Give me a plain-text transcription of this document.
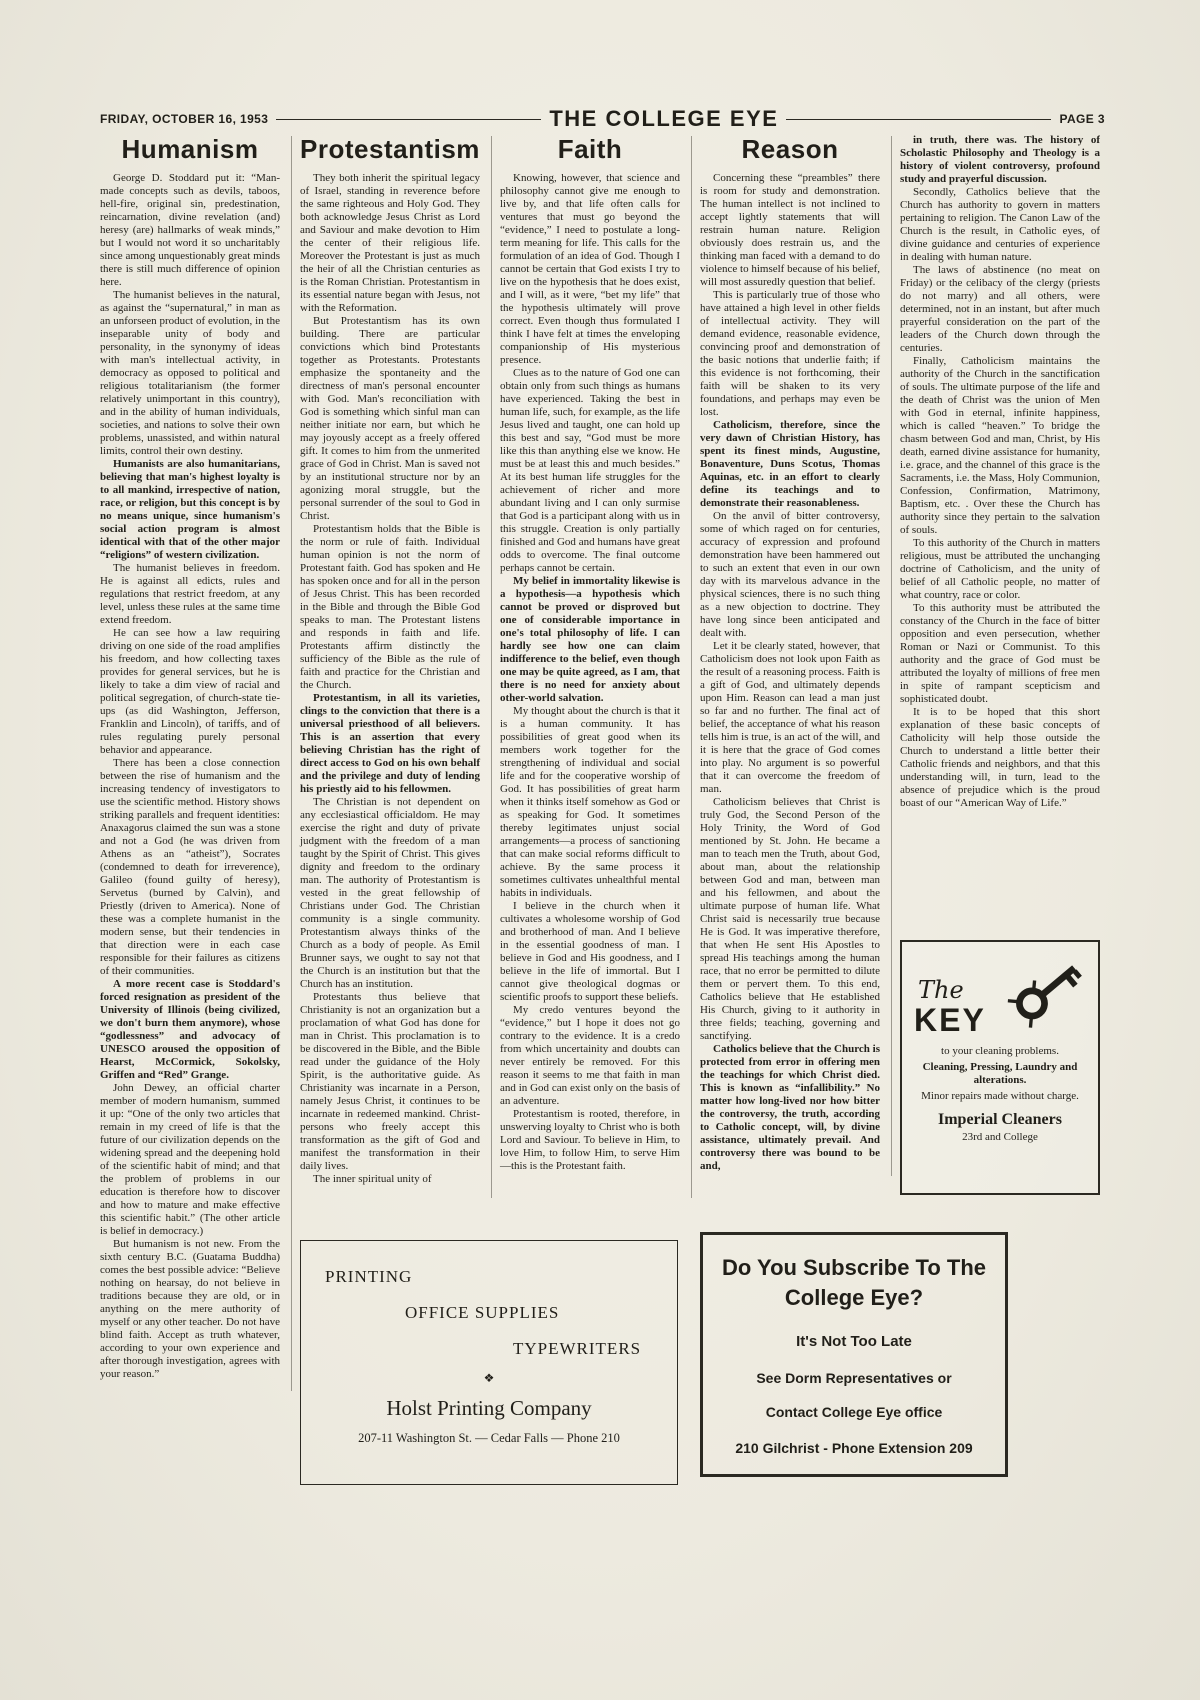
FRIDAY, OCTOBER 16, 1953	THE COLLEGE EYE	PAGE 3
Humanism

George D. Stoddard put it: “Man-made concepts such as devils, taboos, hell-fire, original sin, predestination, reincarnation, divine revelation (and) heresy (are) hallmarks of weak minds,” but I would not word it so uncharitably since among unquestionably great minds there is still much difference of opinion here.

The humanist believes in the natural, as against the “supernatural,” in man as an unforseen product of evolution, in the inseparable unity of body and personality, in the synonymy of ideas with man's intellectual activity, in democracy as opposed to political and religious totalitarianism (the former relatively unimportant in this country), and in the ability of human individuals, societies, and nations to solve their own problems, unassisted, and within natural limits, control their own destiny.

Humanists are also humanitarians, believing that man's highest loyalty is to all mankind, irrespective of nation, race, or religion, but this concept is by no means unique, since humanism's social action program is almost identical with that of the other major “religions” of western civilization.

The humanist believes in freedom. He is against all edicts, rules and regulations that restrict freedom, at any level, unless these rules at the same time extend freedom.

He can see how a law requiring driving on one side of the road amplifies his freedom, and how collecting taxes provides for general services, but he is likely to take a dim view of racial and political segregation, of church-state tie-ups (as did Washington, Jefferson, Franklin and Lincoln), of tariffs, and of rules regulating purely personal behavior and appearance.

There has been a close connection between the rise of humanism and the increasing tendency of investigators to use the scientific method. History shows striking parallels and frequent identities: Anaxagorus claimed the sun was a stone and not a God (he was driven from Athens as an “atheist”), Socrates (condemned to death for irreverence), Galileo (found guilty of heresy), Servetus (burned by Calvin), and Priestly (driven to America). None of these was a complete humanist in the modern sense, but their tendencies in that direction were in each case responsible for their failures as citizens of their communities.

A more recent case is Stoddard's forced resignation as president of the University of Illinois (being civilized, we don't burn them anymore), whose “godlessness” and advocacy of UNESCO aroused the opposition of Hearst, McCormick, Sokolsky, Griffen and “Red” Grange.

John Dewey, an official charter member of modern humanism, summed it up: “One of the only two articles that remain in my creed of life is that the future of our civilization depends on the widening spread and the deepening hold of the scientific habit of mind; and that the problem of problems in our education is therefore how to discover and how to mature and make effective this scientific habit.” (The other article is belief in democracy.)

But humanism is not new. From the sixth century B.C. (Guatama Buddha) comes the best possible advice: “Believe nothing on hearsay, do not believe in traditions because they are old, or in anything on the mere authority of myself or any other teacher. Do not have blind faith. Accept as truth whatever, according to your own experience and after thorough investigation, agrees with your reason.”

Protestantism

They both inherit the spiritual legacy of Israel, standing in reverence before the same righteous and Holy God. They both acknowledge Jesus Christ as Lord and Saviour and make devotion to Him the center of their religious life. Moreover the Protestant is just as much the heir of all the Christian centuries as is the Roman Christian. Protestantism in its essential nature began with Jesus, not with the Reformation.

But Protestantism has its own building. There are particular convictions which bind Protestants together as Protestants. Protestants emphasize the spontaneity and the directness of man's personal encounter with God. Man's reconciliation with God is something which sinful man can neither initiate nor earn, but which he may joyously accept as a freely offered gift. It comes to him from the unmerited grace of God in Christ. Man is saved not by an institutional structure nor by an agonizing moral struggle, but the personal surrender of the soul to God in Christ.

Protestantism holds that the Bible is the norm or rule of faith. Individual human opinion is not the norm of Protestant faith. God has spoken and He has spoken once and for all in the person of Jesus Christ. This has been recorded in the Bible and through the Bible God speaks to man. The Protestant listens and responds in faith and life. Protestants affirm distinctly the sufficiency of the Bible as the rule of faith and practice for the Christian and the Church.

Protestantism, in all its varieties, clings to the conviction that there is a universal priesthood of all believers. This is an assertion that every believing Christian has the right of direct access to God on his own behalf and the privilege and duty of lending his priestly aid to his fellowmen.

The Christian is not dependent on any ecclesiastical officialdom. He may exercise the right and duty of private judgment with the freedom of a man taught by the Spirit of Christ. This gives dignity and freedom to the ordinary man. The authority of Protestantism is vested in the great fellowship of Christians under God. The Christian community is a single community. Protestantism always thinks of the Church as a body of people. As Emil Brunner says, we ought to say not that the Church is an institution but that the Church has an institution.

Protestants thus believe that Christianity is not an organization but a proclamation of what God has done for man in Christ. This proclamation is to be discovered in the Bible, and the Bible read under the guidance of the Holy Spirit, is the authoritative guide. As Christianity was incarnate in a Person, namely Jesus Christ, it continues to be incarnate in redeemed mankind. Christ-persons who freely accept this transformation as the gift of God and manifest the transformation in their daily lives.

The inner spiritual unity of

Faith

Knowing, however, that science and philosophy cannot give me enough to live by, and that life often calls for ventures that must go beyond the “evidence,” I need to postulate a long-term meaning for life. This calls for the formulation of an idea of God. Though I cannot be certain that God exists I try to live on the hypothesis that he does exist, and I will, as it were, “bet my life” that the hypothesis ultimately will prove correct. Even though thus formulated I think I have felt at times the enveloping companionship of His mysterious presence.

Clues as to the nature of God one can obtain only from such things as humans have experienced. Taking the best in human life, such, for example, as the life Jesus lived and taught, one can hold up this best and say, “God must be more like this than anything else we know. He must be at least this and much besides.” At its best human life struggles for the achievement of richer and more abundant living and I can only surmise that God is a participant along with us in this struggle. Creation is only partially finished and God and humans have great odds to overcome. The final outcome perhaps cannot be certain.

My belief in immortality likewise is a hypothesis—a hypothesis which cannot be proved or disproved but one of considerable importance in one's total philosophy of life. I can hardly see how one can claim indifference to the belief, even though one may be quite agreed, as I am, that there is no need for anxiety about other-world salvation.

My thought about the church is that it is a human community. It has possibilities of great good when its members work together for the strengthening of individual and social life and for the cooperative worship of God. It has possibilities of great harm when it thinks itself somehow as God or as speaking for God. It sometimes thereby legitimates unjust social arrangements—a process of sanctioning that can make social reforms difficult to achieve. By the same process it sometimes cultivates unhealthful mental habits in individuals.

I believe in the church when it cultivates a wholesome worship of God and brotherhood of man. And I believe in the essential goodness of man. I believe in God and His goodness, and I believe in the life of immortal. But I cannot give theological dogmas or scientific proofs to support these beliefs.

My credo ventures beyond the “evidence,” but I hope it does not go contrary to the evidence. It is a credo from which uncertainity and doubts can never entirely be removed. For this reason it seems to me that faith in man and in God can exist only on the basis of an adventure.

Protestantism is rooted, therefore, in unswerving loyalty to Christ who is both Lord and Saviour. To believe in Him, to love Him, to follow Him, to serve Him—this is the Protestant faith.

Reason

Concerning these “preambles” there is room for study and demonstration. The human intellect is not inclined to accept lightly statements that will restrain human nature. Religion obviously does restrain us, and the thinking man faced with a demand to do violence to himself because of his belief, will most assuredly question that belief.

This is particularly true of those who have attained a high level in other fields of intellectual activity. They will demand evidence, reasonable evidence, convincing proof and demonstration of the basic notions that underlie faith; if this evidence is not forthcoming, their faith will be shaken to its very foundations, and perhaps may even be lost.

Catholicism, therefore, since the very dawn of Christian History, has spent its finest minds, Augustine, Bonaventure, Duns Scotus, Thomas Aquinas, etc. in an effort to clearly define its teachings and to demonstrate their reasonableness.

On the anvil of bitter controversy, some of which raged on for centuries, accuracy of expression and profound demonstration have been hammered out to such an extent that even in our own day with its marvelous advance in the physical sciences, there is no such thing as a new objection to doctrine. They have long since been anticipated and dealt with.

Let it be clearly stated, however, that Catholicism does not look upon Faith as the result of a reasoning process. Faith is a gift of God, and ultimately depends upon Him. Reason can lead a man just so far and no further. The final act of belief, the acceptance of what his reason tells him is true, is an act of the will, and it is here that the grace of God comes into play. No argument is so powerful that it can overcome the freedom of man.

Catholicism believes that Christ is truly God, the Second Person of the Holy Trinity, the Word of God mentioned by St. John. He became a man to teach men the Truth, about God, about man, about the relationship between God and man, between man and his fellowmen, and about the ultimate purpose of human life. What Christ said is necessarily true because He is God. It was imperative therefore, that when He sent His Apostles to spread His teachings among the human race, that no error be permitted to dilute them or pervert them. To this end, Catholics believe that He established His Church, giving to it authority in three fields; teaching, governing and sanctifying.

Catholics believe that the Church is protected from error in offering men the teachings for which Christ died. This is known as “infallibility.” No matter how long-lived nor how bitter the controversy, the truth, according to Catholic concept, will, by divine assistance, ultimately prevail. And controversy there was bound to be and,

in truth, there was. The history of Scholastic Philosophy and Theology is a history of violent controversy, profound study and prayerful discussion.

Secondly, Catholics believe that the Church has authority to govern in matters pertaining to religion. The Canon Law of the Church is the result, in Catholic eyes, of divine guidance and centuries of experience in dealing with human nature.

The laws of abstinence (no meat on Friday) or the celibacy of the clergy (priests do not marry) and all others, were determined, not in an instant, but after much prayerful consideration on the part of the leaders of the Church down through the centuries.

Finally, Catholicism maintains the authority of the Church in the sanctification of souls. The ultimate purpose of the life and the death of Christ was the union of Men with God in eternal, infinite happiness, which is called “heaven.” To bridge the chasm between God and man, Christ, by His death, earned divine assistance for humanity, i.e. grace, and the channel of this grace is the Sacraments, i.e. the Mass, Holy Communion, Confession, Confirmation, Matrimony, Baptism, etc. . Over these the Church has authority since they pertain to the salvation of souls.

To this authority of the Church in matters religious, must be attributed the unchanging doctrine of Catholicism, and the unity of belief of all Catholic people, no matter of what country, race or color.

To this authority must be attributed the constancy of the Church in the face of bitter opposition and even persecution, whether Roman or Nazi or Communist. To this authority and the grace of God must be attributed the loyalty of millions of free men in spite of rampant scepticism and sophisticated doubt.

It is to be hoped that this short explanation of these basic concepts of Catholicity will help those outside the Church to understand a little better their Catholic friends and neighbors, and that this understanding will, in turn, lead to the absence of prejudice which is the proud boast of our “American Way of Life.”

The
KEY

to your cleaning problems.

Cleaning, Pressing, Laundry and alterations.

Minor repairs made without charge.

Imperial Cleaners

23rd and College

PRINTING
OFFICE SUPPLIES
TYPEWRITERS
❖
Holst Printing Company
207-11 Washington St. — Cedar Falls — Phone 210
Do You Subscribe To The
College Eye?
It's Not Too Late
See Dorm Representatives or
Contact College Eye office
210 Gilchrist - Phone Extension 209
